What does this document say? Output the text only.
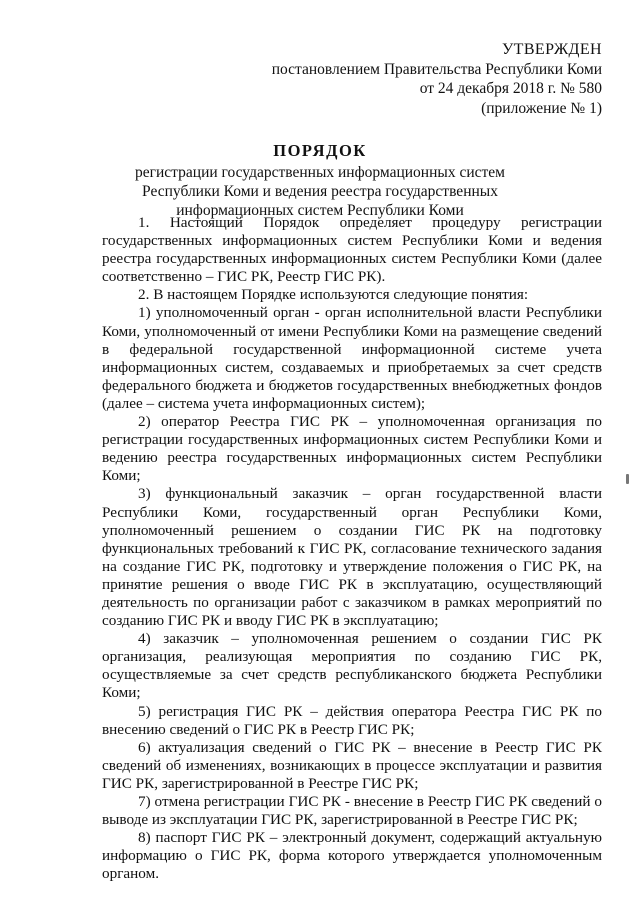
УТВЕРЖДЕН
постановлением Правительства Республики Коми
от 24 декабря 2018 г. № 580
(приложение № 1)
ПОРЯДОК
регистрации государственных информационных систем
Республики Коми и ведения реестра государственных
информационных систем Республики Коми

1. Настоящий Порядок определяет процедуру регистрации государственных информационных систем Республики Коми и ведения реестра государственных информационных систем Республики Коми (далее соответственно – ГИС РК, Реестр ГИС РК).

2. В настоящем Порядке используются следующие понятия:

1) уполномоченный орган - орган исполнительной власти Республики Коми, уполномоченный от имени Республики Коми на размещение сведений в федеральной государственной информационной системе учета информационных систем, создаваемых и приобретаемых за счет средств федерального бюджета и бюджетов государственных внебюджетных фондов (далее – система учета информационных систем);

2) оператор Реестра ГИС РК – уполномоченная организация по регистрации государственных информационных систем Республики Коми и ведению реестра государственных информационных систем Республики Коми;

3) функциональный заказчик – орган государственной власти Республики Коми, государственный орган Республики Коми, уполномоченный решением о создании ГИС РК на подготовку функциональных требований к ГИС РК, согласование технического задания на создание ГИС РК, подготовку и утверждение положения о ГИС РК, на принятие решения о вводе ГИС РК в эксплуатацию, осуществляющий деятельность по организации работ с заказчиком в рамках мероприятий по созданию ГИС РК и вводу ГИС РК в эксплуатацию;

4) заказчик – уполномоченная решением о создании ГИС РК организация, реализующая мероприятия по созданию ГИС РК, осуществляемые за счет средств республиканского бюджета Республики Коми;

5) регистрация ГИС РК – действия оператора Реестра ГИС РК по внесению сведений о ГИС РК в Реестр ГИС РК;

6) актуализация сведений о ГИС РК – внесение в Реестр ГИС РК сведений об изменениях, возникающих в процессе эксплуатации и развития ГИС РК, зарегистрированной в Реестре ГИС РК;

7) отмена регистрации ГИС РК - внесение в Реестр ГИС РК сведений о выводе из эксплуатации ГИС РК, зарегистрированной в Реестре ГИС РК;

8) паспорт ГИС РК – электронный документ, содержащий актуальную информацию о ГИС РК, форма которого утверждается уполномоченным органом.
